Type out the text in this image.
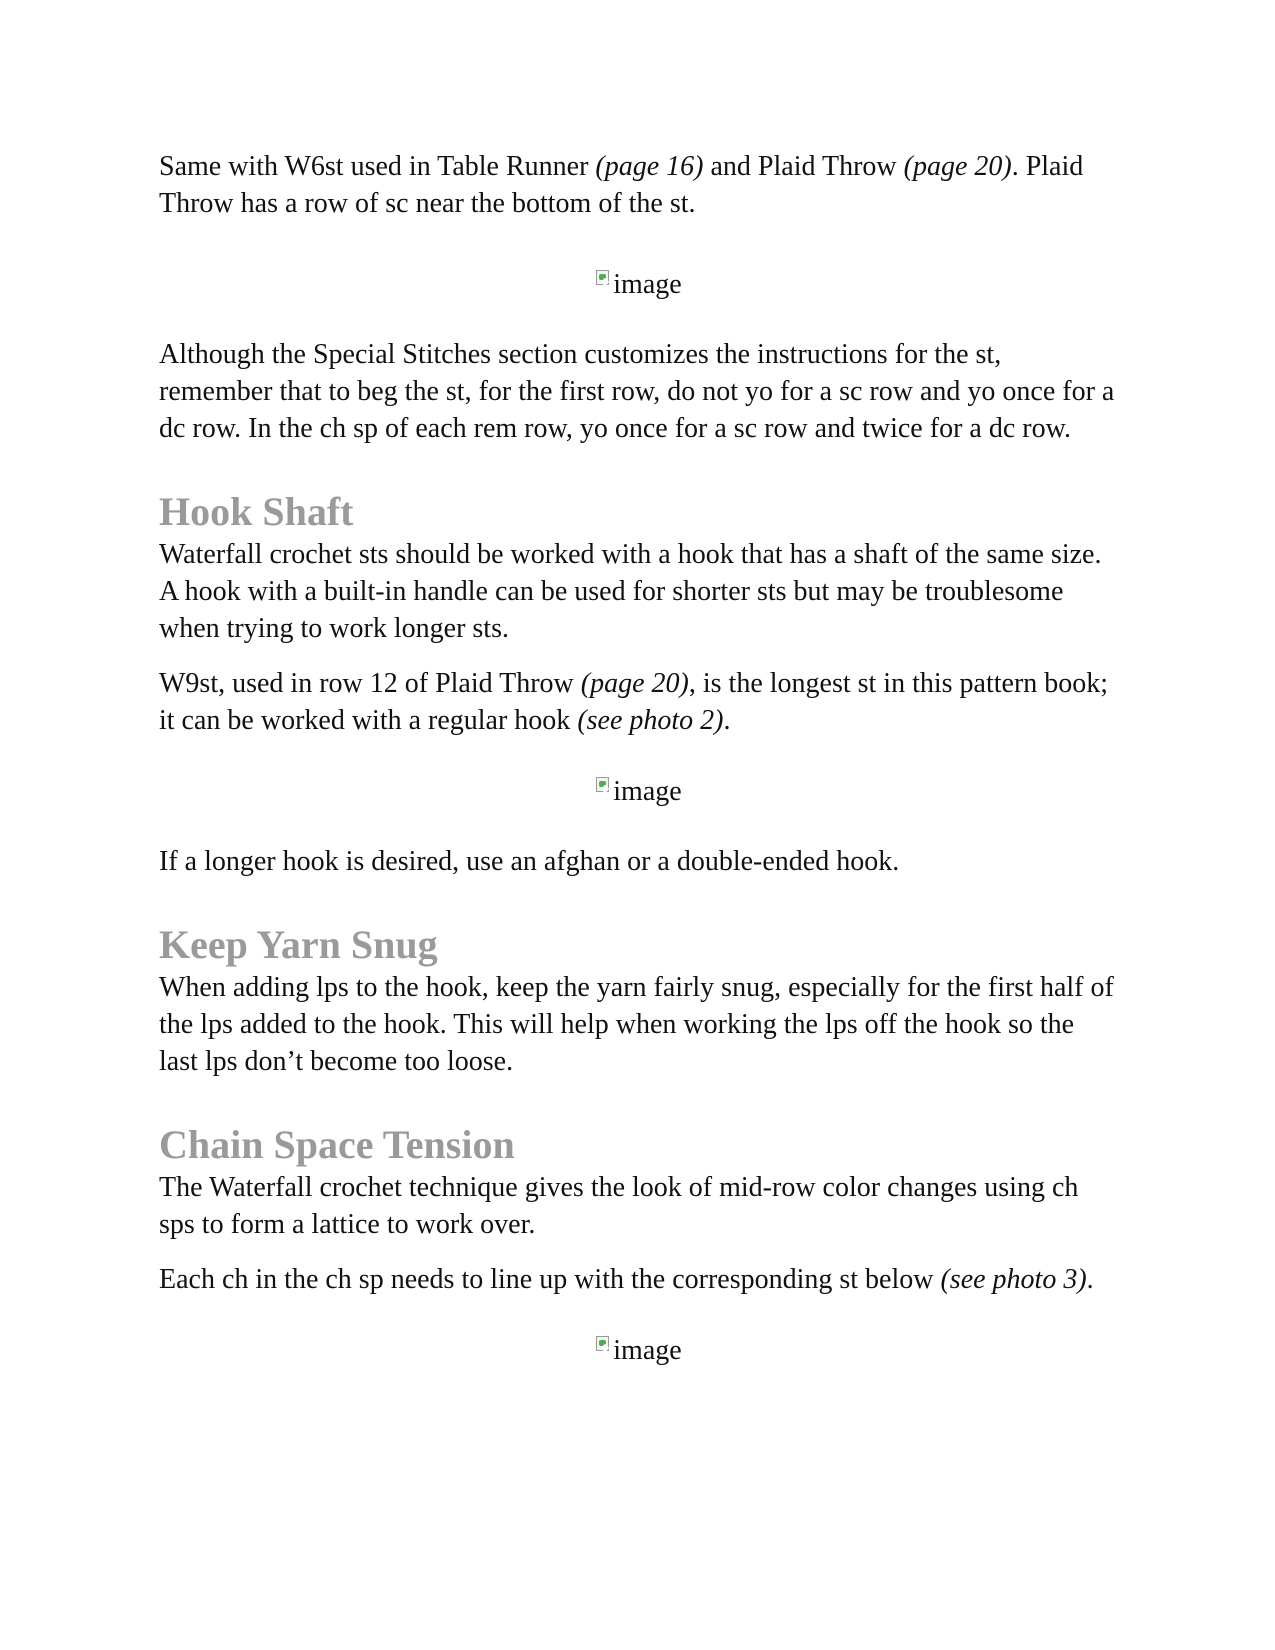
Same with W6st used in Table Runner (page 16) and Plaid Throw (page 20). Plaid Throw has a row of sc near the bottom of the st.

image

Although the Special Stitches section customizes the instructions for the st, remember that to beg the st, for the first row, do not yo for a sc row and yo once for a dc row. In the ch sp of each rem row, yo once for a sc row and twice for a dc row.

Hook Shaft

Waterfall crochet sts should be worked with a hook that has a shaft of the same size. A hook with a built-in handle can be used for shorter sts but may be troublesome when trying to work longer sts.

W9st, used in row 12 of Plaid Throw (page 20), is the longest st in this pattern book; it can be worked with a regular hook (see photo 2).

image

If a longer hook is desired, use an afghan or a double-ended hook.

Keep Yarn Snug

When adding lps to the hook, keep the yarn fairly snug, especially for the first half of the lps added to the hook. This will help when working the lps off the hook so the last lps don’t become too loose.

Chain Space Tension

The Waterfall crochet technique gives the look of mid-row color changes using ch sps to form a lattice to work over.

Each ch in the ch sp needs to line up with the corresponding st below (see photo 3).

image
